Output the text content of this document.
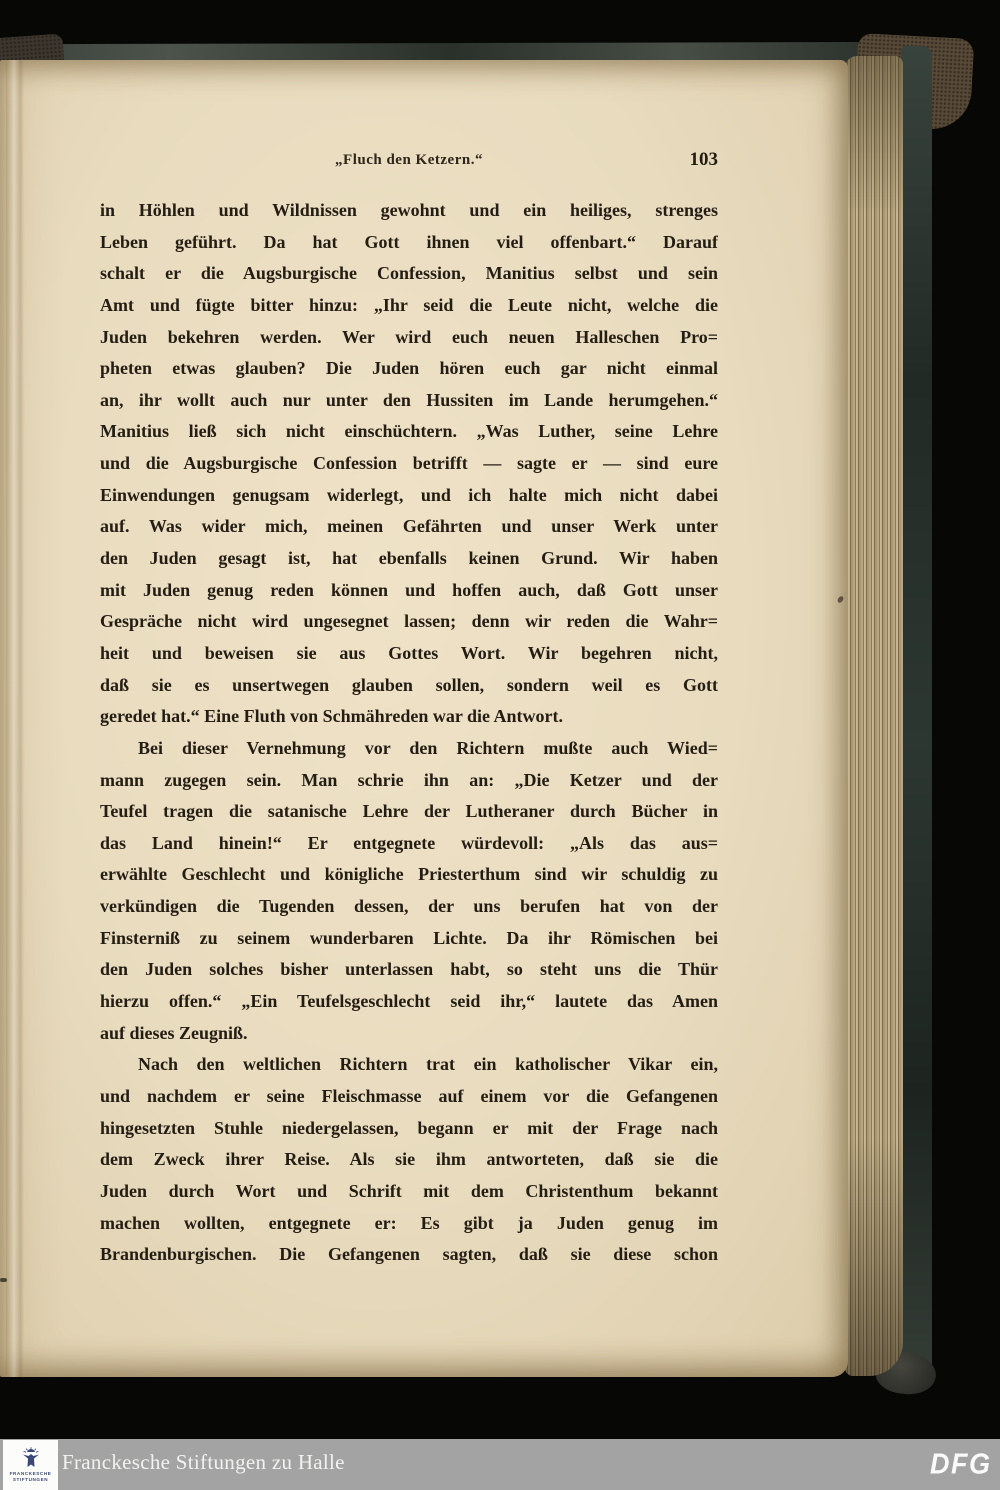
„Fluch den Ketzern.“	103
in Höhlen und Wildnissen gewohnt und ein heiliges, strenges
Leben geführt. Da hat Gott ihnen viel offenbart.“ Darauf
schalt er die Augsburgische Confession, Manitius selbst und sein
Amt und fügte bitter hinzu: „Ihr seid die Leute nicht, welche die
Juden bekehren werden. Wer wird euch neuen Halleschen Pro=
pheten etwas glauben? Die Juden hören euch gar nicht einmal
an, ihr wollt auch nur unter den Hussiten im Lande herumgehen.“
Manitius ließ sich nicht einschüchtern. „Was Luther, seine Lehre
und die Augsburgische Confession betrifft — sagte er — sind eure
Einwendungen genugsam widerlegt, und ich halte mich nicht dabei
auf. Was wider mich, meinen Gefährten und unser Werk unter
den Juden gesagt ist, hat ebenfalls keinen Grund. Wir haben
mit Juden genug reden können und hoffen auch, daß Gott unser
Gespräche nicht wird ungesegnet lassen; denn wir reden die Wahr=
heit und beweisen sie aus Gottes Wort. Wir begehren nicht,
daß sie es unsertwegen glauben sollen, sondern weil es Gott
geredet hat.“ Eine Fluth von Schmähreden war die Antwort.
Bei dieser Vernehmung vor den Richtern mußte auch Wied=
mann zugegen sein. Man schrie ihn an: „Die Ketzer und der
Teufel tragen die satanische Lehre der Lutheraner durch Bücher in
das Land hinein!“ Er entgegnete würdevoll: „Als das aus=
erwählte Geschlecht und königliche Priesterthum sind wir schuldig zu
verkündigen die Tugenden dessen, der uns berufen hat von der
Finsterniß zu seinem wunderbaren Lichte. Da ihr Römischen bei
den Juden solches bisher unterlassen habt, so steht uns die Thür
hierzu offen.“ „Ein Teufelsgeschlecht seid ihr,“ lautete das Amen
auf dieses Zeugniß.
Nach den weltlichen Richtern trat ein katholischer Vikar ein,
und nachdem er seine Fleischmasse auf einem vor die Gefangenen
hingesetzten Stuhle niedergelassen, begann er mit der Frage nach
dem Zweck ihrer Reise. Als sie ihm antworteten, daß sie die
Juden durch Wort und Schrift mit dem Christenthum bekannt
machen wollten, entgegnete er: Es gibt ja Juden genug im
Brandenburgischen. Die Gefangenen sagten, daß sie diese schon
FRANCKESCHE
STIFTUNGEN
Franckesche Stiftungen zu Halle	DFG
